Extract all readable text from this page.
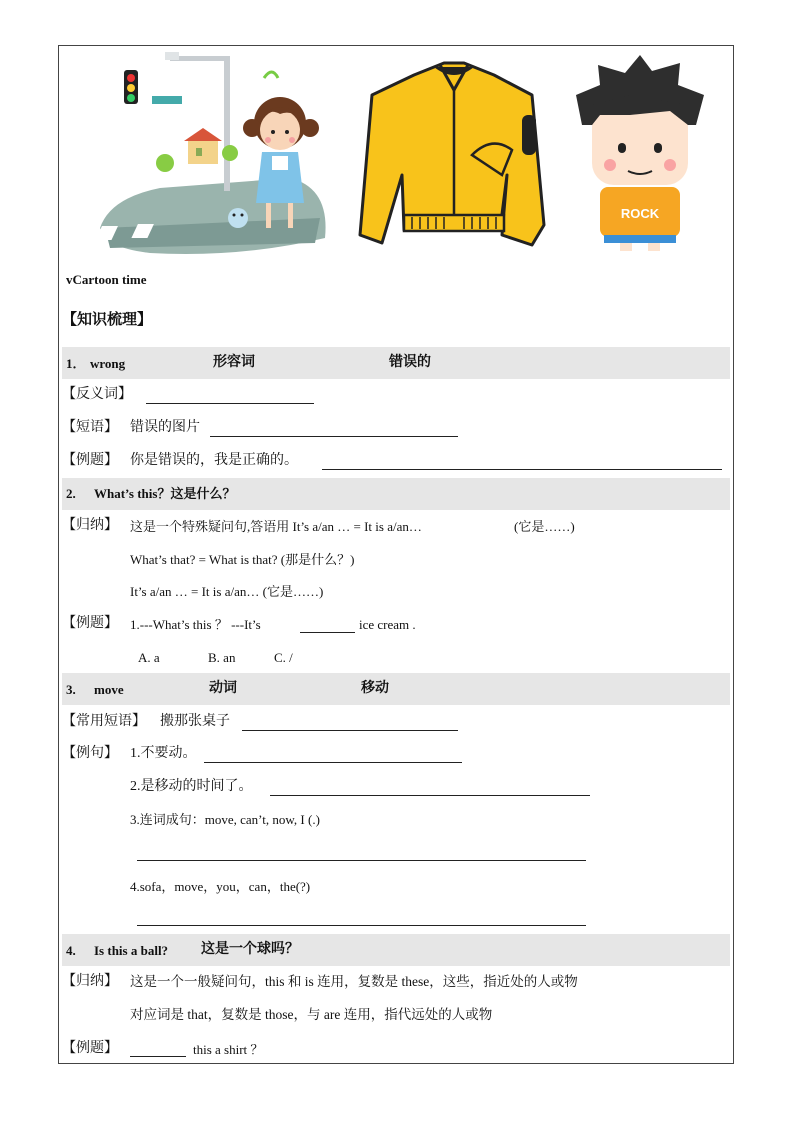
ROCK
vCartoon time
【知识梳理】
1． wrong	形容词	错误的
【反义词】
【短语】 错误的图片
【例题】 你是错误的，我是正确的。
2. What’s this？这是什么？
【归纳】 这是一个特殊疑问句,答语用 It’s a/an … = It is a/an…	(它是……)
What’s that? = What is that? (那是什么？)
It’s a/an … = It is a/an… (它是……)
【例题】 1.---What’s this ？ ---It’s	ice cream .
A. a	B. an	C. /
3. move	动词	移动
【常用短语】 搬那张桌子
【例句】 1.不要动。
2.是移动的时间了。
3.连词成句：move, can’t, now, I (.)
4.sofa，move，you，can，the(?)
4. Is this a ball? 这是一个球吗？
【归纳】 这是一个一般疑问句，this 和 is 连用，复数是 these，这些，指近处的人或物
对应词是 that，复数是 those，与 are 连用，指代远处的人或物
【例题】	this a shirt ？
